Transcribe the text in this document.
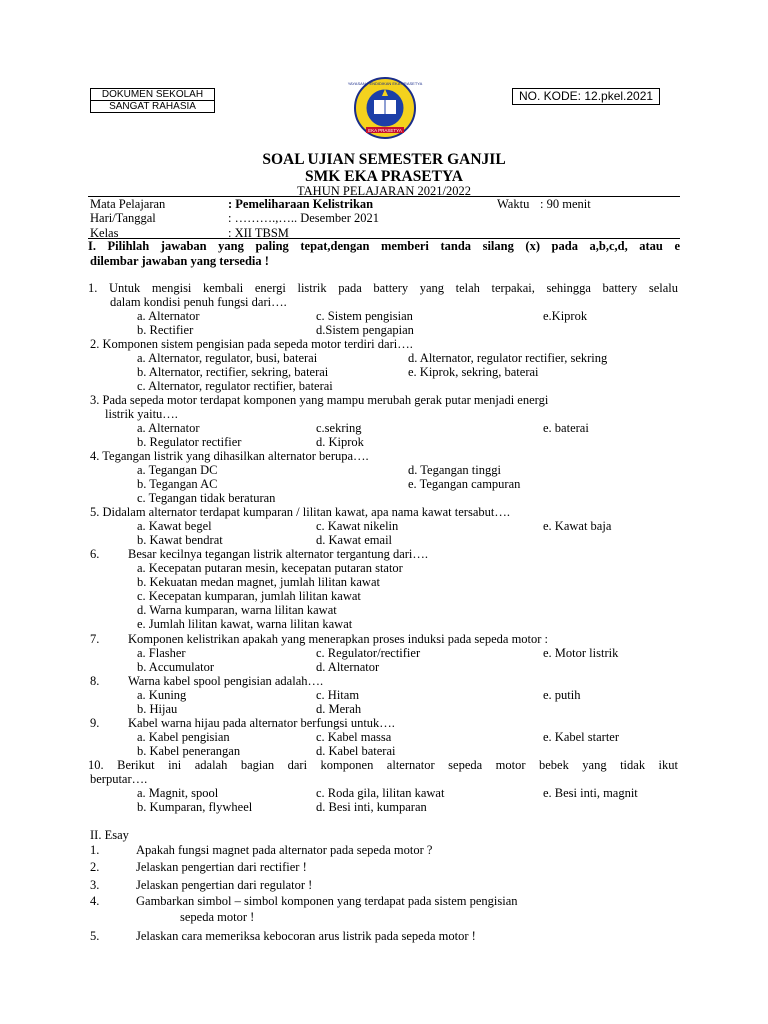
DOKUMEN SEKOLAH
SANGAT RAHASIA
YAYASAN PENDIDIKAN EKA PRASETYA
EKA PRASETYA
NO. KODE: 12.pkel.2021
SOAL UJIAN SEMESTER GANJIL
SMK EKA PRASETYA
TAHUN PELAJARAN 2021/2022
Mata Pelajaran	: Pemeliharaan Kelistrikan	Waktu : 90 menit
Hari/Tanggal	: ……….,….. Desember 2021
Kelas	: XII TBSM
I. Pilihlah jawaban yang paling tepat,dengan memberi tanda silang (x) pada a,b,c,d, atau e
dilembar jawaban yang tersedia !
1. Untuk mengisi kembali energi listrik pada battery yang telah terpakai, sehingga battery selalu
dalam kondisi penuh fungsi dari….
a. Alternator	c. Sistem pengisian	e.Kiprok
b. Rectifier	d.Sistem pengapian
2. Komponen sistem pengisian pada sepeda motor terdiri dari….
a. Alternator, regulator, busi, baterai	d. Alternator, regulator rectifier, sekring
b. Alternator, rectifier, sekring, baterai	e. Kiprok, sekring, baterai
c. Alternator, regulator rectifier, baterai
3. Pada sepeda motor terdapat komponen yang mampu merubah gerak putar menjadi energi
listrik yaitu….
a. Alternator	c.sekring	e. baterai
b. Regulator rectifier	d. Kiprok
4. Tegangan listrik yang dihasilkan alternator berupa….
a. Tegangan DC	d. Tegangan tinggi
b. Tegangan AC	e. Tegangan campuran
c. Tegangan tidak beraturan
5. Didalam alternator terdapat kumparan / lilitan kawat, apa nama kawat tersabut….
a. Kawat begel	c. Kawat nikelin	e. Kawat baja
b. Kawat bendrat	d. Kawat email
6. Besar kecilnya tegangan listrik alternator tergantung dari….
a. Kecepatan putaran mesin, kecepatan putaran stator
b. Kekuatan medan magnet, jumlah lilitan kawat
c. Kecepatan kumparan, jumlah lilitan kawat
d. Warna kumparan, warna lilitan kawat
e. Jumlah lilitan kawat, warna lilitan kawat
7. Komponen kelistrikan apakah yang menerapkan proses induksi pada sepeda motor :
a. Flasher	c. Regulator/rectifier	e. Motor listrik
b. Accumulator	d. Alternator
8. Warna kabel spool pengisian adalah….
a. Kuning	c. Hitam	e. putih
b. Hijau	d. Merah
9. Kabel warna hijau pada alternator berfungsi untuk….
a. Kabel pengisian	c. Kabel massa	e. Kabel starter
b. Kabel penerangan	d. Kabel baterai
10. Berikut ini adalah bagian dari komponen alternator sepeda motor bebek yang tidak ikut
berputar….
a. Magnit, spool	c. Roda gila, lilitan kawat	e. Besi inti, magnit
b. Kumparan, flywheel	d. Besi inti, kumparan
II. Esay
1.	Apakah fungsi magnet pada alternator pada sepeda motor ?
2.	Jelaskan pengertian dari rectifier !
3.	Jelaskan pengertian dari regulator !
4.	Gambarkan simbol – simbol komponen yang terdapat pada sistem pengisian
sepeda motor !
5.	Jelaskan cara memeriksa kebocoran arus listrik pada sepeda motor !
